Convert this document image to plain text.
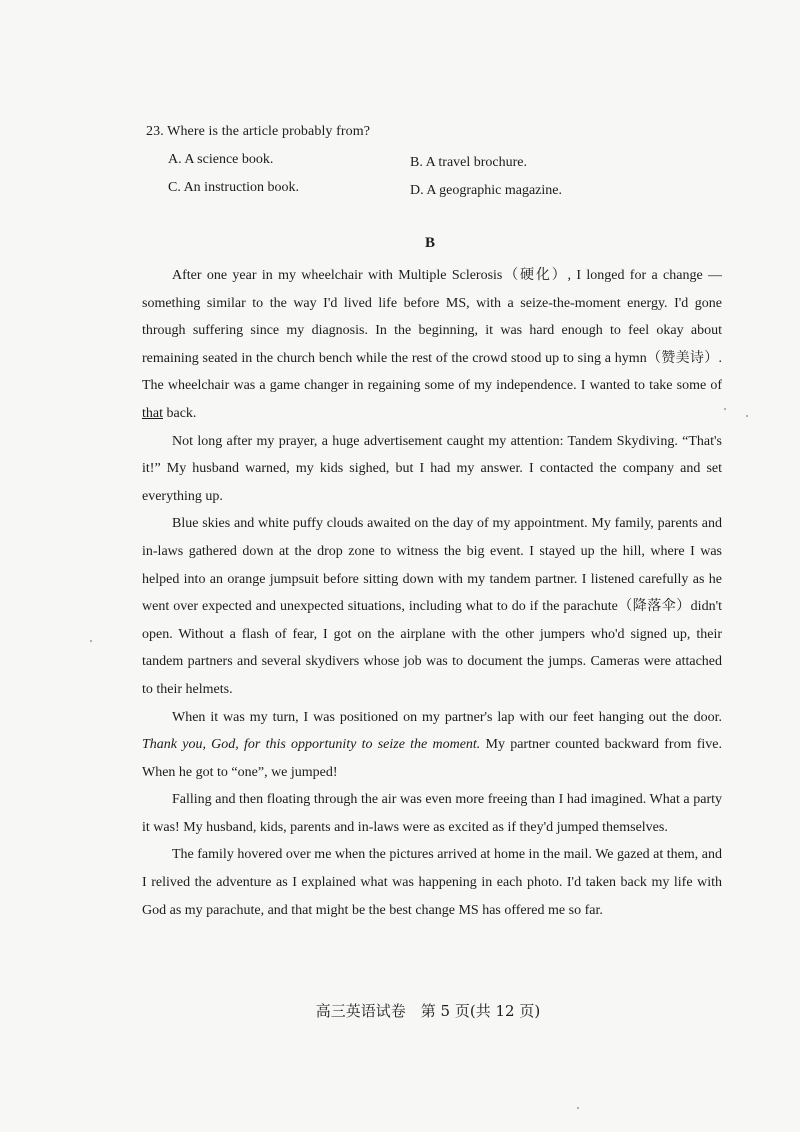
23. Where is the article probably from?
A. A science book.	B. A travel brochure.
C. An instruction book.	D. A geographic magazine.
B

After one year in my wheelchair with Multiple Sclerosis（硬化）, I longed for a change — something similar to the way I'd lived life before MS, with a seize-the-moment energy. I'd gone through suffering since my diagnosis. In the beginning, it was hard enough to feel okay about remaining seated in the church bench while the rest of the crowd stood up to sing a hymn（赞美诗）. The wheelchair was a game changer in regaining some of my independence. I wanted to take some of that back.

Not long after my prayer, a huge advertisement caught my attention: Tandem Skydiving. “That's it!” My husband warned, my kids sighed, but I had my answer. I contacted the company and set everything up.

Blue skies and white puffy clouds awaited on the day of my appointment. My family, parents and in-laws gathered down at the drop zone to witness the big event. I stayed up the hill, where I was helped into an orange jumpsuit before sitting down with my tandem partner. I listened carefully as he went over expected and unexpected situations, including what to do if the parachute（降落伞）didn't open. Without a flash of fear, I got on the airplane with the other jumpers who'd signed up, their tandem partners and several skydivers whose job was to document the jumps. Cameras were attached to their helmets.

When it was my turn, I was positioned on my partner's lap with our feet hanging out the door. Thank you, God, for this opportunity to seize the moment. My partner counted backward from five. When he got to “one”, we jumped!

Falling and then floating through the air was even more freeing than I had imagined. What a party it was! My husband, kids, parents and in-laws were as excited as if they'd jumped themselves.

The family hovered over me when the pictures arrived at home in the mail. We gazed at them, and I relived the adventure as I explained what was happening in each photo. I'd taken back my life with God as my parachute, and that might be the best change MS has offered me so far.

高三英语试卷　第 5 页(共 12 页)
